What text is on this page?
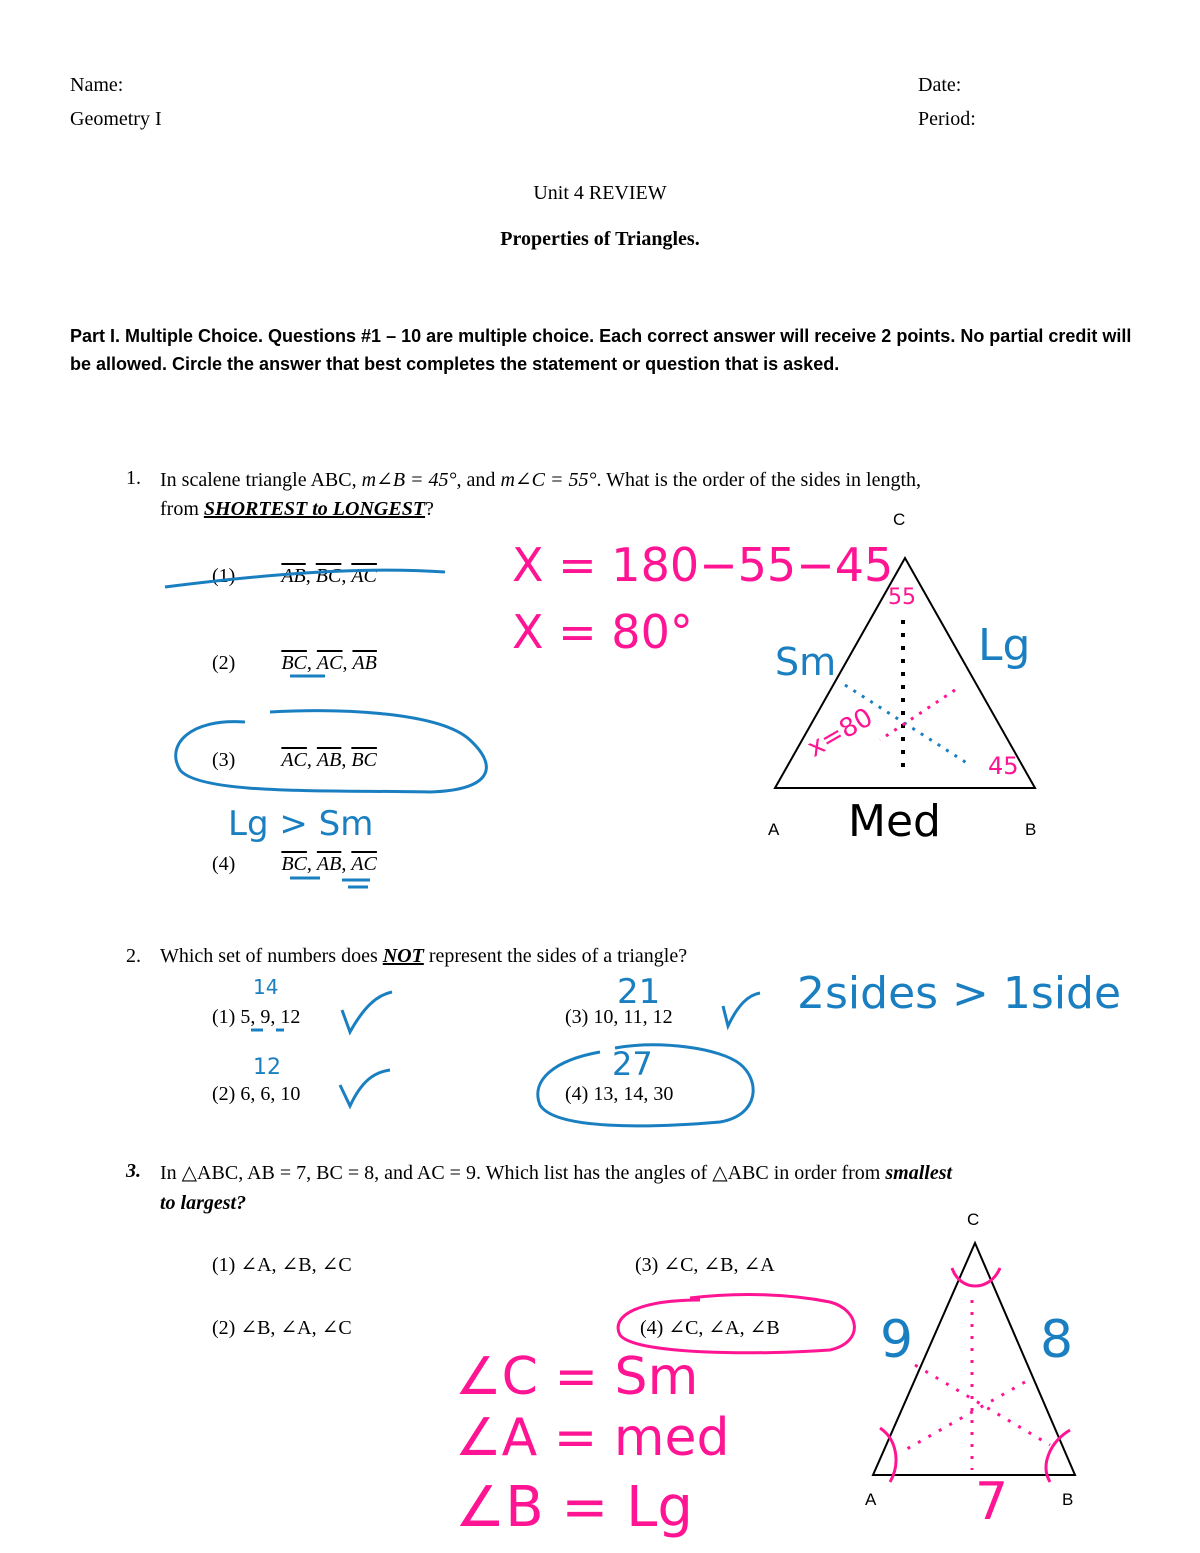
Name:
Geometry I
Date:
Period:
Unit 4 REVIEW
Properties of Triangles.
Part I. Multiple Choice. Questions #1 – 10 are multiple choice. Each correct answer will receive 2 points. No partial credit will be allowed. Circle the answer that best completes the statement or question that is asked.
1. In scalene triangle ABC, m∠B = 45°, and m∠C = 55°. What is the order of the sides in length,
from SHORTEST to LONGEST?
(1) $\overline{AB}$, $\overline{BC}$, $\overline{AC}$
(2) $\overline{BC}$, $\overline{AC}$, $\overline{AB}$
(3) $\overline{AC}$, $\overline{AB}$, $\overline{BC}$
(4) $\overline{BC}$, $\overline{AB}$, $\overline{AC}$
C
A	B
2. Which set of numbers does NOT represent the sides of a triangle?
(1) 5, 9, 12
(2) 6, 6, 10
(3) 10, 11, 12
(4) 13, 14, 30
3. In △ABC, AB = 7, BC = 8, and AC = 9. Which list has the angles of △ABC in order from smallest
to largest?
(1) ∠A, ∠B, ∠C
(2) ∠B, ∠A, ∠C
(3) ∠C, ∠B, ∠A
(4) ∠C, ∠A, ∠B
C
A	B
X = 180−55−45
X = 80°
Sm	Lg
55
x=80
45
Med
Lg > Sm
14
12
21
27
2sides > 1side
9 8
7
∠C = Sm
∠A = med
∠B = Lg
